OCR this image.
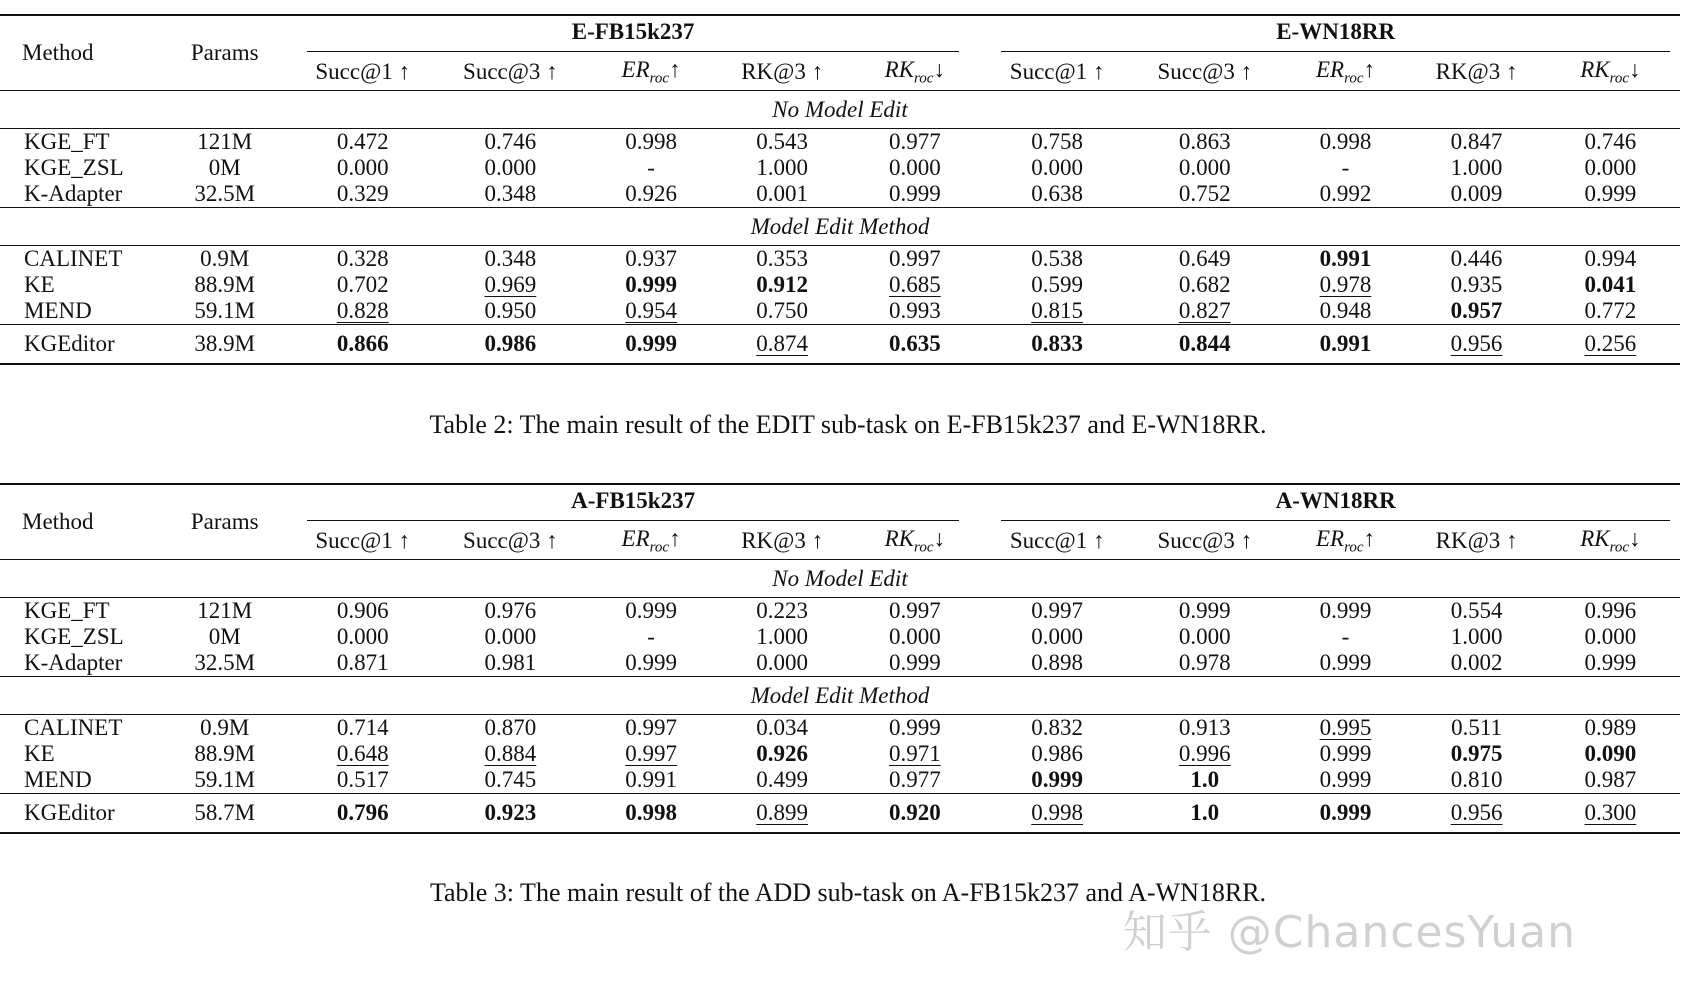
Method	Params	E-FB15k237					E-WN18RR				

		Succ@1 ↑	Succ@3 ↑	$ER_{roc}↑$	RK@3 ↑	$RK_{roc}↓$	Succ@1 ↑	Succ@3 ↑	$ER_{roc}↑$	RK@3 ↑	$RK_{roc}↓$
No Model Edit											
KGE_FT	121M	0.472	0.746	0.998	0.543	0.977	0.758	0.863	0.998	0.847	0.746
KGE_ZSL	0M	0.000	0.000	-	1.000	0.000	0.000	0.000	-	1.000	0.000
K-Adapter	32.5M	0.329	0.348	0.926	0.001	0.999	0.638	0.752	0.992	0.009	0.999
Model Edit Method											
CALINET	0.9M	0.328	0.348	0.937	0.353	0.997	0.538	0.649	0.991	0.446	0.994
KE	88.9M	0.702	0.969	0.999	0.912	0.685	0.599	0.682	0.978	0.935	0.041
MEND	59.1M	0.828	0.950	0.954	0.750	0.993	0.815	0.827	0.948	0.957	0.772
KGEditor	38.9M	0.866	0.986	0.999	0.874	0.635	0.833	0.844	0.991	0.956	0.256
Table 2: The main result of the EDIT sub-task on E-FB15k237 and E-WN18RR.
Method	Params	A-FB15k237					A-WN18RR				

		Succ@1 ↑	Succ@3 ↑	$ER_{roc}↑$	RK@3 ↑	$RK_{roc}↓$	Succ@1 ↑	Succ@3 ↑	$ER_{roc}↑$	RK@3 ↑	$RK_{roc}↓$
No Model Edit											
KGE_FT	121M	0.906	0.976	0.999	0.223	0.997	0.997	0.999	0.999	0.554	0.996
KGE_ZSL	0M	0.000	0.000	-	1.000	0.000	0.000	0.000	-	1.000	0.000
K-Adapter	32.5M	0.871	0.981	0.999	0.000	0.999	0.898	0.978	0.999	0.002	0.999
Model Edit Method											
CALINET	0.9M	0.714	0.870	0.997	0.034	0.999	0.832	0.913	0.995	0.511	0.989
KE	88.9M	0.648	0.884	0.997	0.926	0.971	0.986	0.996	0.999	0.975	0.090
MEND	59.1M	0.517	0.745	0.991	0.499	0.977	0.999	1.0	0.999	0.810	0.987
KGEditor	58.7M	0.796	0.923	0.998	0.899	0.920	0.998	1.0	0.999	0.956	0.300
Table 3: The main result of the ADD sub-task on A-FB15k237 and A-WN18RR.
知乎 @ChancesYuan
